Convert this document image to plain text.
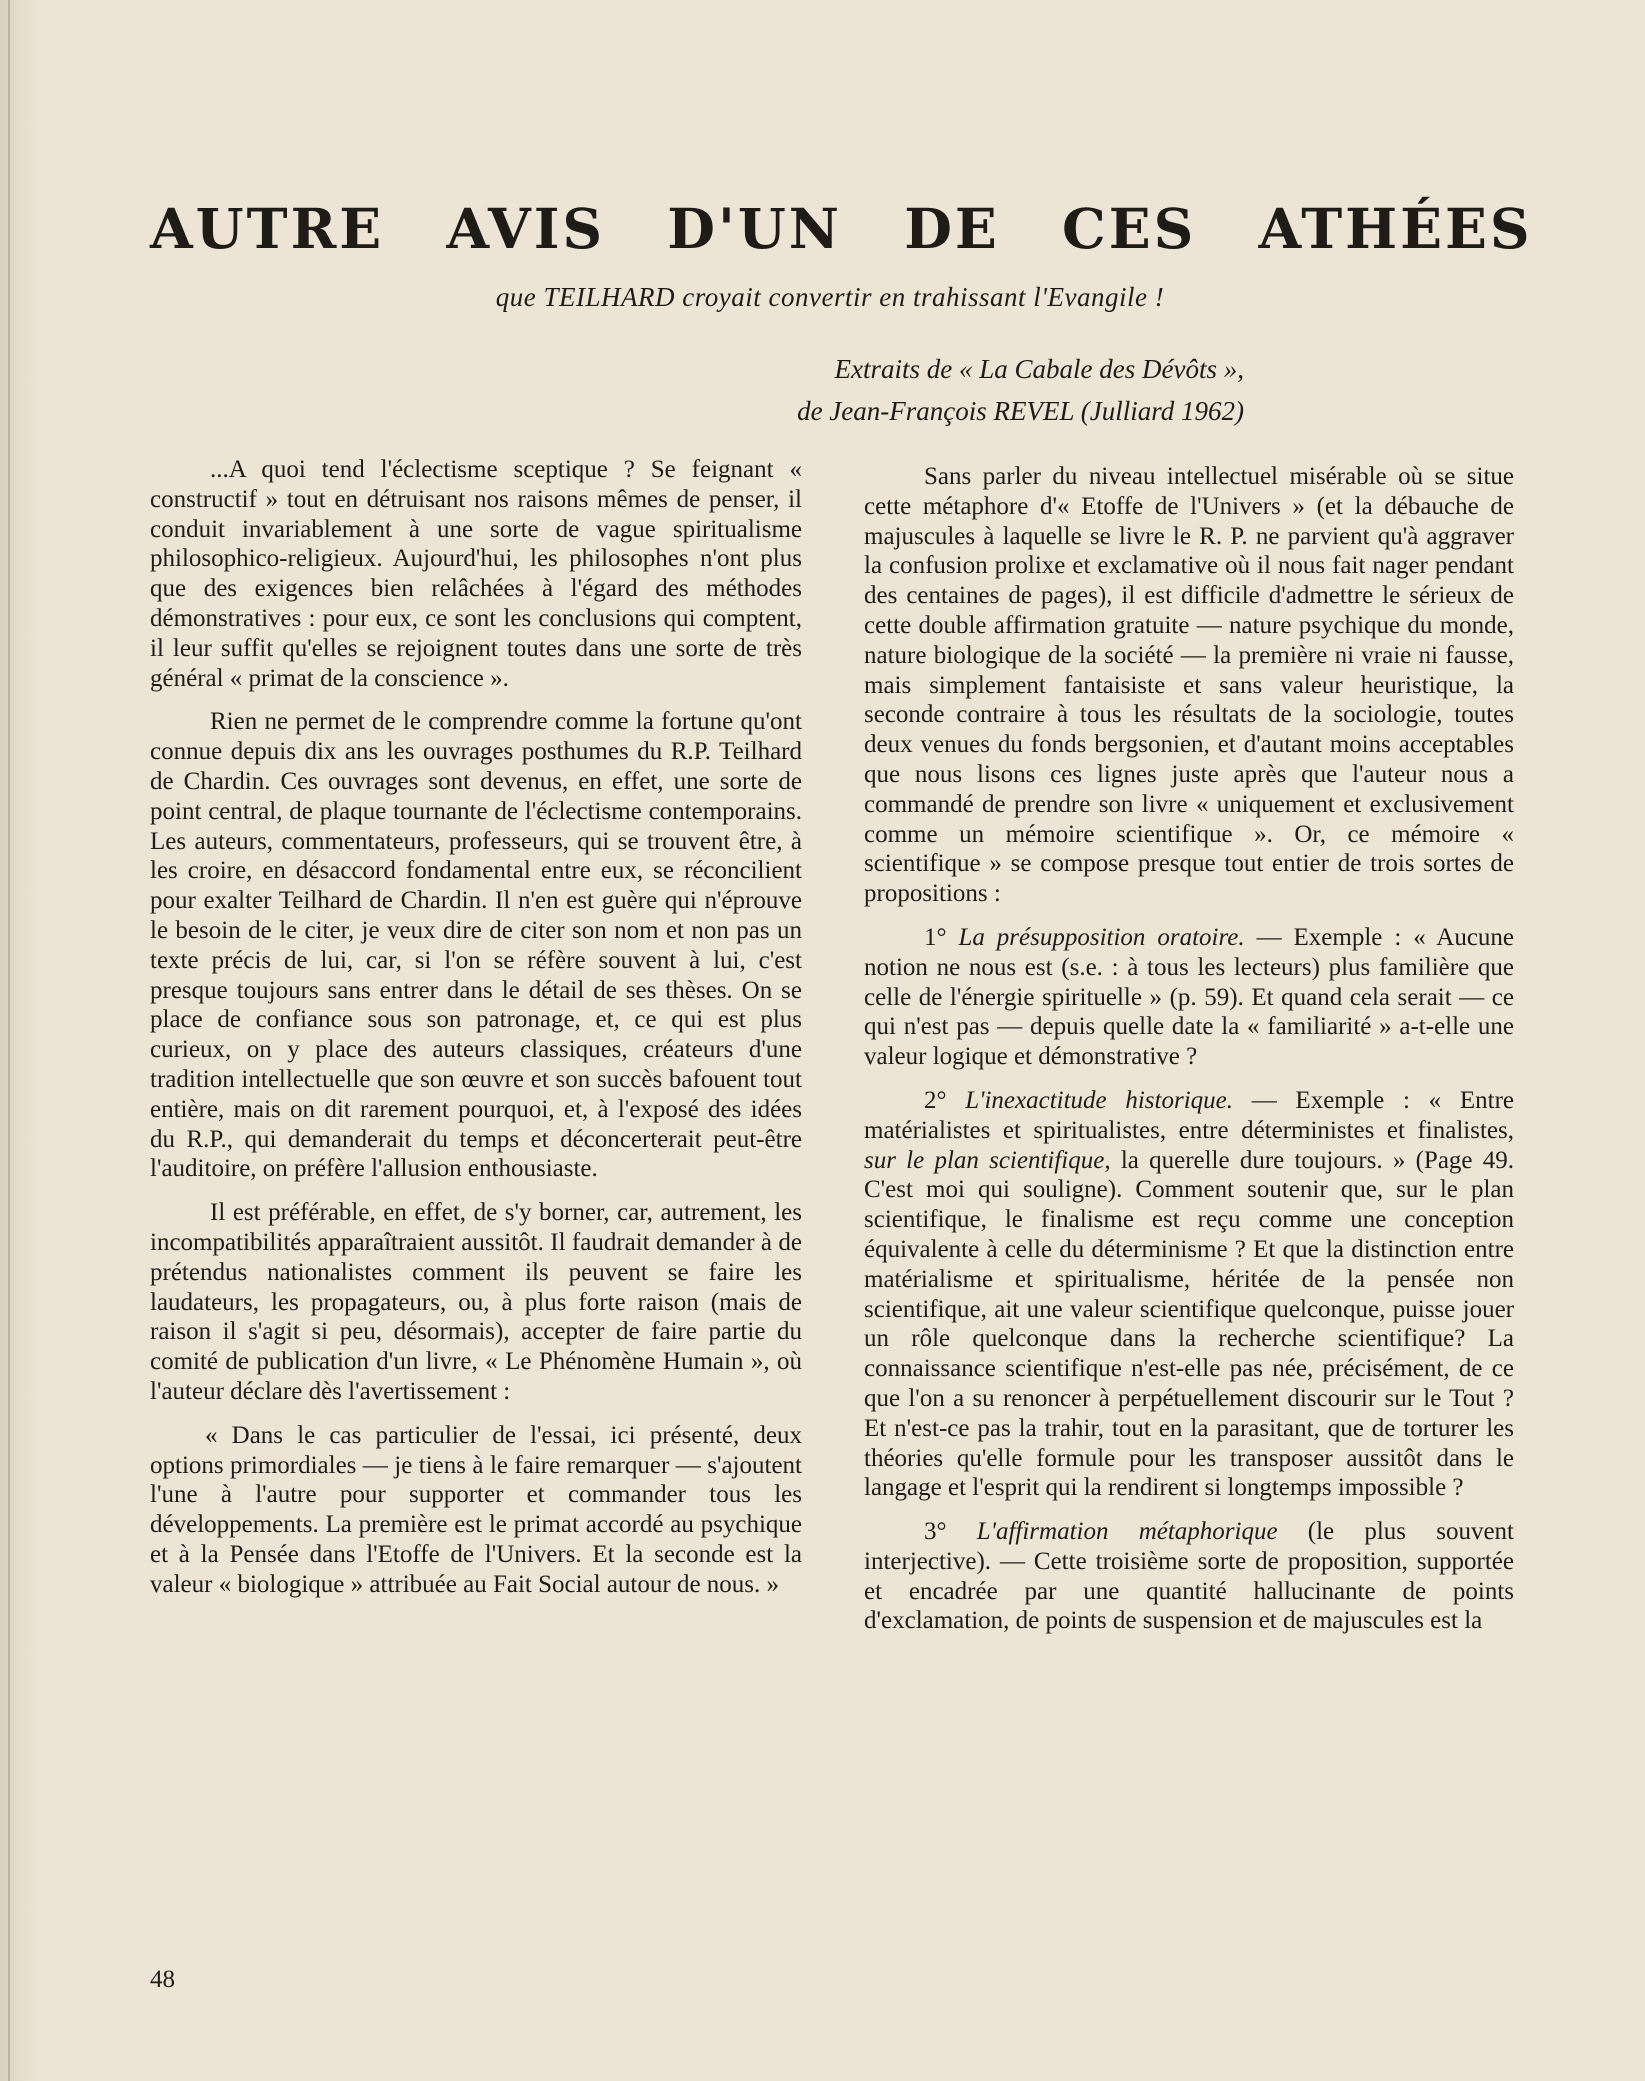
AUTRE AVIS D'UN DE CES ATHÉES
que TEILHARD croyait convertir en trahissant l'Evangile !
Extraits de « La Cabale des Dévôts »,
de Jean-François REVEL (Julliard 1962)

...A quoi tend l'éclectisme sceptique ? Se feignant « constructif » tout en détruisant nos raisons mêmes de penser, il conduit invariablement à une sorte de vague spiritualisme philosophico-religieux. Aujourd'hui, les philosophes n'ont plus que des exigences bien relâchées à l'égard des méthodes démonstratives : pour eux, ce sont les conclusions qui comptent, il leur suffit qu'elles se rejoignent toutes dans une sorte de très général « primat de la conscience ».

Rien ne permet de le comprendre comme la fortune qu'ont connue depuis dix ans les ouvrages posthumes du R.P. Teilhard de Chardin. Ces ouvrages sont devenus, en effet, une sorte de point central, de plaque tournante de l'éclectisme contemporains. Les auteurs, commentateurs, professeurs, qui se trouvent être, à les croire, en désaccord fondamental entre eux, se réconcilient pour exalter Teilhard de Chardin. Il n'en est guère qui n'éprouve le besoin de le citer, je veux dire de citer son nom et non pas un texte précis de lui, car, si l'on se réfère souvent à lui, c'est presque toujours sans entrer dans le détail de ses thèses. On se place de confiance sous son patronage, et, ce qui est plus curieux, on y place des auteurs classiques, créateurs d'une tradition intellectuelle que son œuvre et son succès bafouent tout entière, mais on dit rarement pourquoi, et, à l'exposé des idées du R.P., qui demanderait du temps et déconcerterait peut-être l'auditoire, on préfère l'allusion enthousiaste.

Il est préférable, en effet, de s'y borner, car, autrement, les incompatibilités apparaîtraient aussitôt. Il faudrait demander à de prétendus nationalistes comment ils peuvent se faire les laudateurs, les propagateurs, ou, à plus forte raison (mais de raison il s'agit si peu, désormais), accepter de faire partie du comité de publication d'un livre, « Le Phénomène Humain », où l'auteur déclare dès l'avertissement :

« Dans le cas particulier de l'essai, ici présenté, deux options primordiales — je tiens à le faire remarquer — s'ajoutent l'une à l'autre pour supporter et commander tous les développements. La première est le primat accordé au psychique et à la Pensée dans l'Etoffe de l'Univers. Et la seconde est la valeur « biologique » attribuée au Fait Social autour de nous. »

Sans parler du niveau intellectuel misérable où se situe cette métaphore d'« Etoffe de l'Univers » (et la débauche de majuscules à laquelle se livre le R. P. ne parvient qu'à aggraver la confusion prolixe et exclamative où il nous fait nager pendant des centaines de pages), il est difficile d'admettre le sérieux de cette double affirmation gratuite — nature psychique du monde, nature biologique de la société — la première ni vraie ni fausse, mais simplement fantaisiste et sans valeur heuristique, la seconde contraire à tous les résultats de la sociologie, toutes deux venues du fonds bergsonien, et d'autant moins acceptables que nous lisons ces lignes juste après que l'auteur nous a commandé de prendre son livre « uniquement et exclusivement comme un mémoire scientifique ». Or, ce mémoire « scientifique » se compose presque tout entier de trois sortes de propositions :

1° La présupposition oratoire. — Exemple : « Aucune notion ne nous est (s.e. : à tous les lecteurs) plus familière que celle de l'énergie spirituelle » (p. 59). Et quand cela serait — ce qui n'est pas — depuis quelle date la « familiarité » a-t-elle une valeur logique et démonstrative ?

2° L'inexactitude historique. — Exemple : « Entre matérialistes et spiritualistes, entre déterministes et finalistes, sur le plan scientifique, la querelle dure toujours. » (Page 49. C'est moi qui souligne). Comment soutenir que, sur le plan scientifique, le finalisme est reçu comme une conception équivalente à celle du déterminisme ? Et que la distinction entre matérialisme et spiritualisme, héritée de la pensée non scientifique, ait une valeur scientifique quelconque, puisse jouer un rôle quelconque dans la recherche scientifique? La connaissance scientifique n'est-elle pas née, précisément, de ce que l'on a su renoncer à perpétuellement discourir sur le Tout ? Et n'est-ce pas la trahir, tout en la parasitant, que de torturer les théories qu'elle formule pour les transposer aussitôt dans le langage et l'esprit qui la rendirent si longtemps impossible ?

3° L'affirmation métaphorique (le plus souvent interjective). — Cette troisième sorte de proposition, supportée et encadrée par une quantité hallucinante de points d'exclamation, de points de suspension et de majuscules est la

48
